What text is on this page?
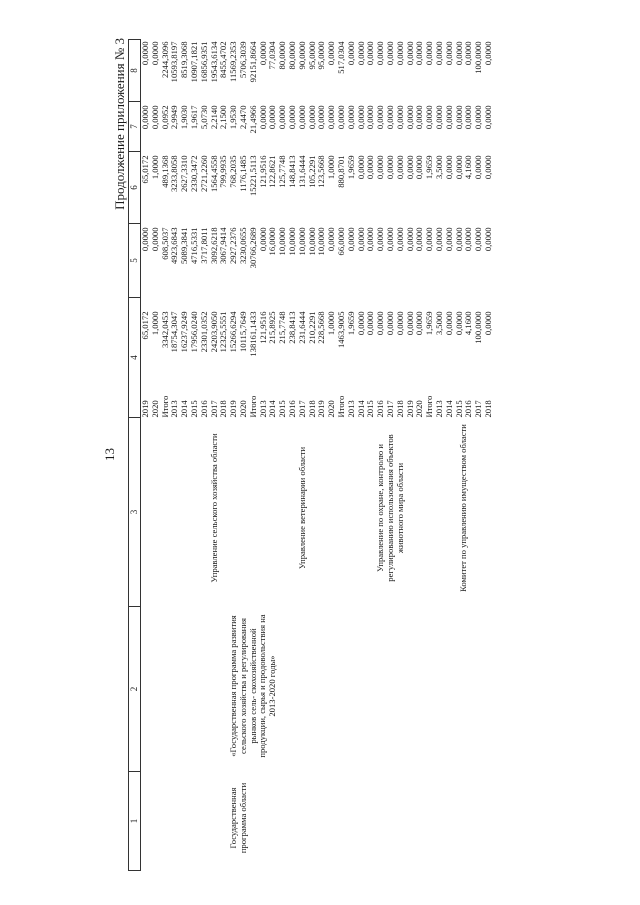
13
Продолжение приложения № 3
1	2	3	4		5	6	7	8
Государственная программа области	«Государственная программа развития сельского хозяйства и регулирования рынков сель- скохозяйственной продукции, сырья и продовольствия на 2013-2020 годы»		2019	65,0172	0,0000	65,0172	0,0000	0,0000
			2020	1,0000	0,0000	1,0000	0,0000	0,0000
			Итого	3342,0453	608,5037	489,1368	0,0952	2244,3096
		Управление сельского хозяйства области	2013	18754,3047	4923,6843	3233,8058	2,9949	10593,8197
			2014	16237,9249	5089,3841	2627,3310	1,9030	8519,3068
			2015	17956,0240	4716,5331	2330,3472	1,9617	10907,1821
			2016	23301,0352	3717,8011	2721,2260	5,0730	16856,9351
			2017	24203,9050	3092,6218	1564,4558	2,2140	19543,6134
			2018	12325,5551	3067,9414	799,9935	2,1500	8455,4702
			2019	15266,6294	2927,2376	768,2035	1,9530	11569,2353
			2020	10115,7649	3230,0655	1176,1485	2,4470	5706,3039
			Итого	138161,1433	30766,2689	15221,5113	21,4966	92151,8664
		Управление ветеринарии области	2013	121,9516	0,0000	121,9516	0,0000	0,0000
			2014	215,8925	16,0000	122,8621	0,0000	77,0304
			2015	215,7748	10,0000	125,7748	0,0000	80,0000
			2016	238,8413	10,0000	148,8413	0,0000	80,0000
			2017	231,6444	10,0000	131,6444	0,0000	90,0000
			2018	210,2291	10,0000	105,2291	0,0000	95,0000
			2019	228,5668	10,0000	123,5668	0,0000	95,0000
			2020	1,0000	0,0000	1,0000	0,0000	0,0000
			Итого	1463,9005	66,0000	880,8701	0,0000	517,0304
		Управление по охране, контролю и регулированию использования объектов животного мира области	2013	1,9659	0,0000	1,9659	0,0000	0,0000
			2014	0,0000	0,0000	0,0000	0,0000	0,0000
			2015	0,0000	0,0000	0,0000	0,0000	0,0000
			2016	0,0000	0,0000	0,0000	0,0000	0,0000
			2017	0,0000	0,0000	0,0000	0,0000	0,0000
			2018	0,0000	0,0000	0,0000	0,0000	0,0000
			2019	0,0000	0,0000	0,0000	0,0000	0,0000
			2020	0,0000	0,0000	0,0000	0,0000	0,0000
			Итого	1,9659	0,0000	1,9659	0,0000	0,0000
		Комитет по управлению имуществом области	2013	3,5000	0,0000	3,5000	0,0000	0,0000
			2014	0,0000	0,0000	0,0000	0,0000	0,0000
			2015	0,0000	0,0000	0,0000	0,0000	0,0000
			2016	4,1600	0,0000	4,1600	0,0000	0,0000
			2017	100,0000	0,0000	0,0000	0,0000	100,0000
			2018	0,0000	0,0000	0,0000	0,0000	0,0000
